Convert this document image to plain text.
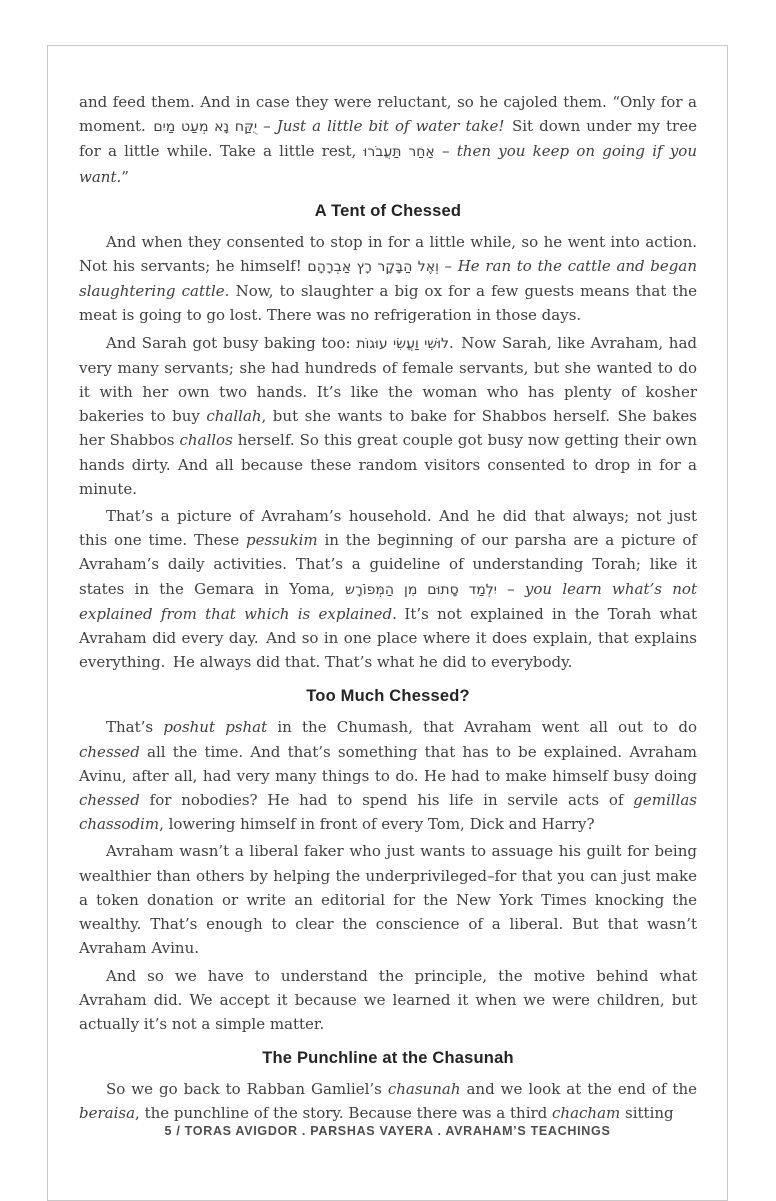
and feed them. And in case they were reluctant, so he cajoled them. “Only for a moment. יֻקַּח נָא מְעַט מַיִם – Just a little bit of water take! Sit down under my tree for a little while. Take a little rest, אַחַר תַּעֲבֹרוּ – then you keep on going if you want.”

A Tent of Chessed

And when they consented to stop in for a little while, so he went into action. Not his servants; he himself! וְאֶל הַבָּקָר רָץ אַבְרָהָם – He ran to the cattle and began slaughtering cattle. Now, to slaughter a big ox for a few guests means that the meat is going to go lost. There was no refrigeration in those days.

And Sarah got busy baking too: לוּשִׁי וַעֲשִׂי עוּגוֹת. Now Sarah, like Avraham, had very many servants; she had hundreds of female servants, but she wanted to do it with her own two hands. It’s like the woman who has plenty of kosher bakeries to buy challah, but she wants to bake for Shabbos herself. She bakes her Shabbos challos herself. So this great couple got busy now getting their own hands dirty. And all because these random visitors consented to drop in for a minute.

That’s a picture of Avraham’s household. And he did that always; not just this one time. These pessukim in the beginning of our parsha are a picture of Avraham’s daily activities. That’s a guideline of understanding Torah; like it states in the Gemara in Yoma, יִלְמַד סָתוּם מִן הַמְּפוֹרָׁש – you learn what’s not explained from that which is explained. It’s not explained in the Torah what Avraham did every day. And so in one place where it does explain, that explains everything. He always did that. That’s what he did to everybody.

Too Much Chessed?

That’s poshut pshat in the Chumash, that Avraham went all out to do chessed all the time. And that’s something that has to be explained. Avraham Avinu, after all, had very many things to do. He had to make himself busy doing chessed for nobodies? He had to spend his life in servile acts of gemillas chassodim, lowering himself in front of every Tom, Dick and Harry?

Avraham wasn’t a liberal faker who just wants to assuage his guilt for being wealthier than others by helping the underprivileged–for that you can just make a token donation or write an editorial for the New York Times knocking the wealthy. That’s enough to clear the conscience of a liberal. But that wasn’t Avraham Avinu.

And so we have to understand the principle, the motive behind what Avraham did. We accept it because we learned it when we were children, but actually it’s not a simple matter.

The Punchline at the Chasunah

So we go back to Rabban Gamliel’s chasunah and we look at the end of the beraisa, the punchline of the story. Because there was a third chacham sitting

5 / TORAS AVIGDOR . PARSHAS VAYERA . AVRAHAM’S TEACHINGS
